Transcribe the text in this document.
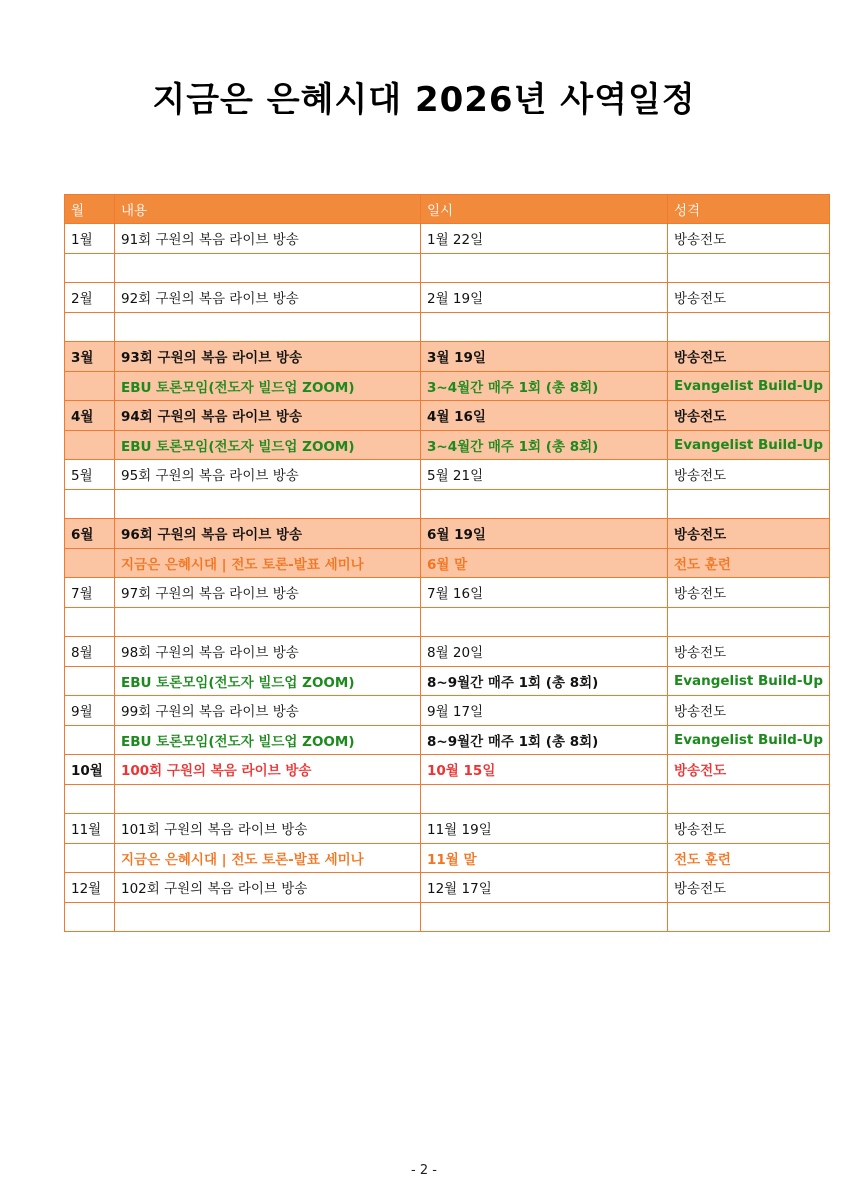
지금은 은혜시대 2026년 사역일정
월	내용	일시	성격
1월	91회 구원의 복음 라이브 방송	1월 22일	방송전도

2월	92회 구원의 복음 라이브 방송	2월 19일	방송전도

3월	93회 구원의 복음 라이브 방송	3월 19일	방송전도
	EBU 토론모임(전도자 빌드업 ZOOM)	3~4월간 매주 1회 (총 8회)	Evangelist Build-Up
4월	94회 구원의 복음 라이브 방송	4월 16일	방송전도
	EBU 토론모임(전도자 빌드업 ZOOM)	3~4월간 매주 1회 (총 8회)	Evangelist Build-Up
5월	95회 구원의 복음 라이브 방송	5월 21일	방송전도

6월	96회 구원의 복음 라이브 방송	6월 19일	방송전도
	지금은 은혜시대 | 전도 토론-발표 세미나	6월 말	전도 훈련
7월	97회 구원의 복음 라이브 방송	7월 16일	방송전도

8월	98회 구원의 복음 라이브 방송	8월 20일	방송전도
	EBU 토론모임(전도자 빌드업 ZOOM)	8~9월간 매주 1회 (총 8회)	Evangelist Build-Up
9월	99회 구원의 복음 라이브 방송	9월 17일	방송전도
	EBU 토론모임(전도자 빌드업 ZOOM)	8~9월간 매주 1회 (총 8회)	Evangelist Build-Up
10월	100회 구원의 복음 라이브 방송	10월 15일	방송전도

11월	101회 구원의 복음 라이브 방송	11월 19일	방송전도
	지금은 은혜시대 | 전도 토론-발표 세미나	11월 말	전도 훈련
12월	102회 구원의 복음 라이브 방송	12월 17일	방송전도

- 2 -
